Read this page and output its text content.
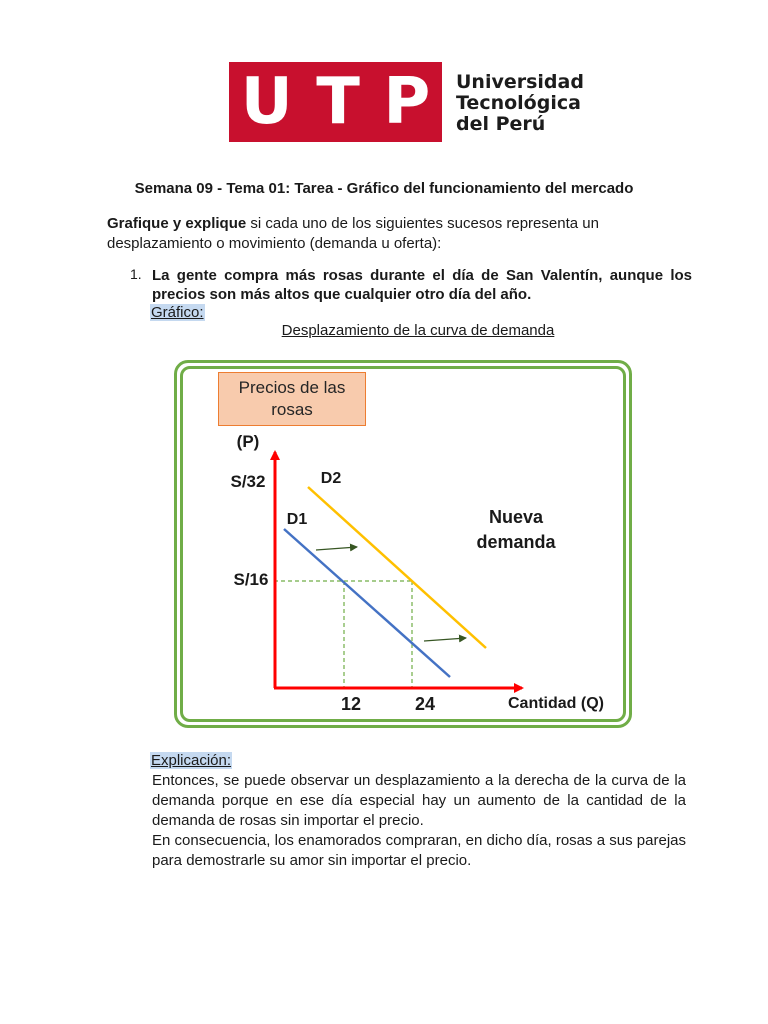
U T P Universidad
Tecnológica
del Perú
Semana 09 - Tema 01: Tarea - Gráfico del funcionamiento del mercado
Grafique y explique si cada uno de los siguientes sucesos representa un desplazamiento o movimiento (demanda u oferta):
1. La gente compra más rosas durante el día de San Valentín, aunque los precios son más altos que cualquier otro día del año.
Gráfico:
Desplazamiento de la curva de demanda
Precios de las rosas
(P)
S/32
S/16
D2
D1	Nueva
demanda
12	24	Cantidad (Q)
Explicación:

Entonces, se puede observar un desplazamiento a la derecha de la curva de la demanda porque en ese día especial hay un aumento de la cantidad de la demanda de rosas sin importar el precio.

En consecuencia, los enamorados compraran, en dicho día, rosas a sus parejas para demostrarle su amor sin importar el precio.
